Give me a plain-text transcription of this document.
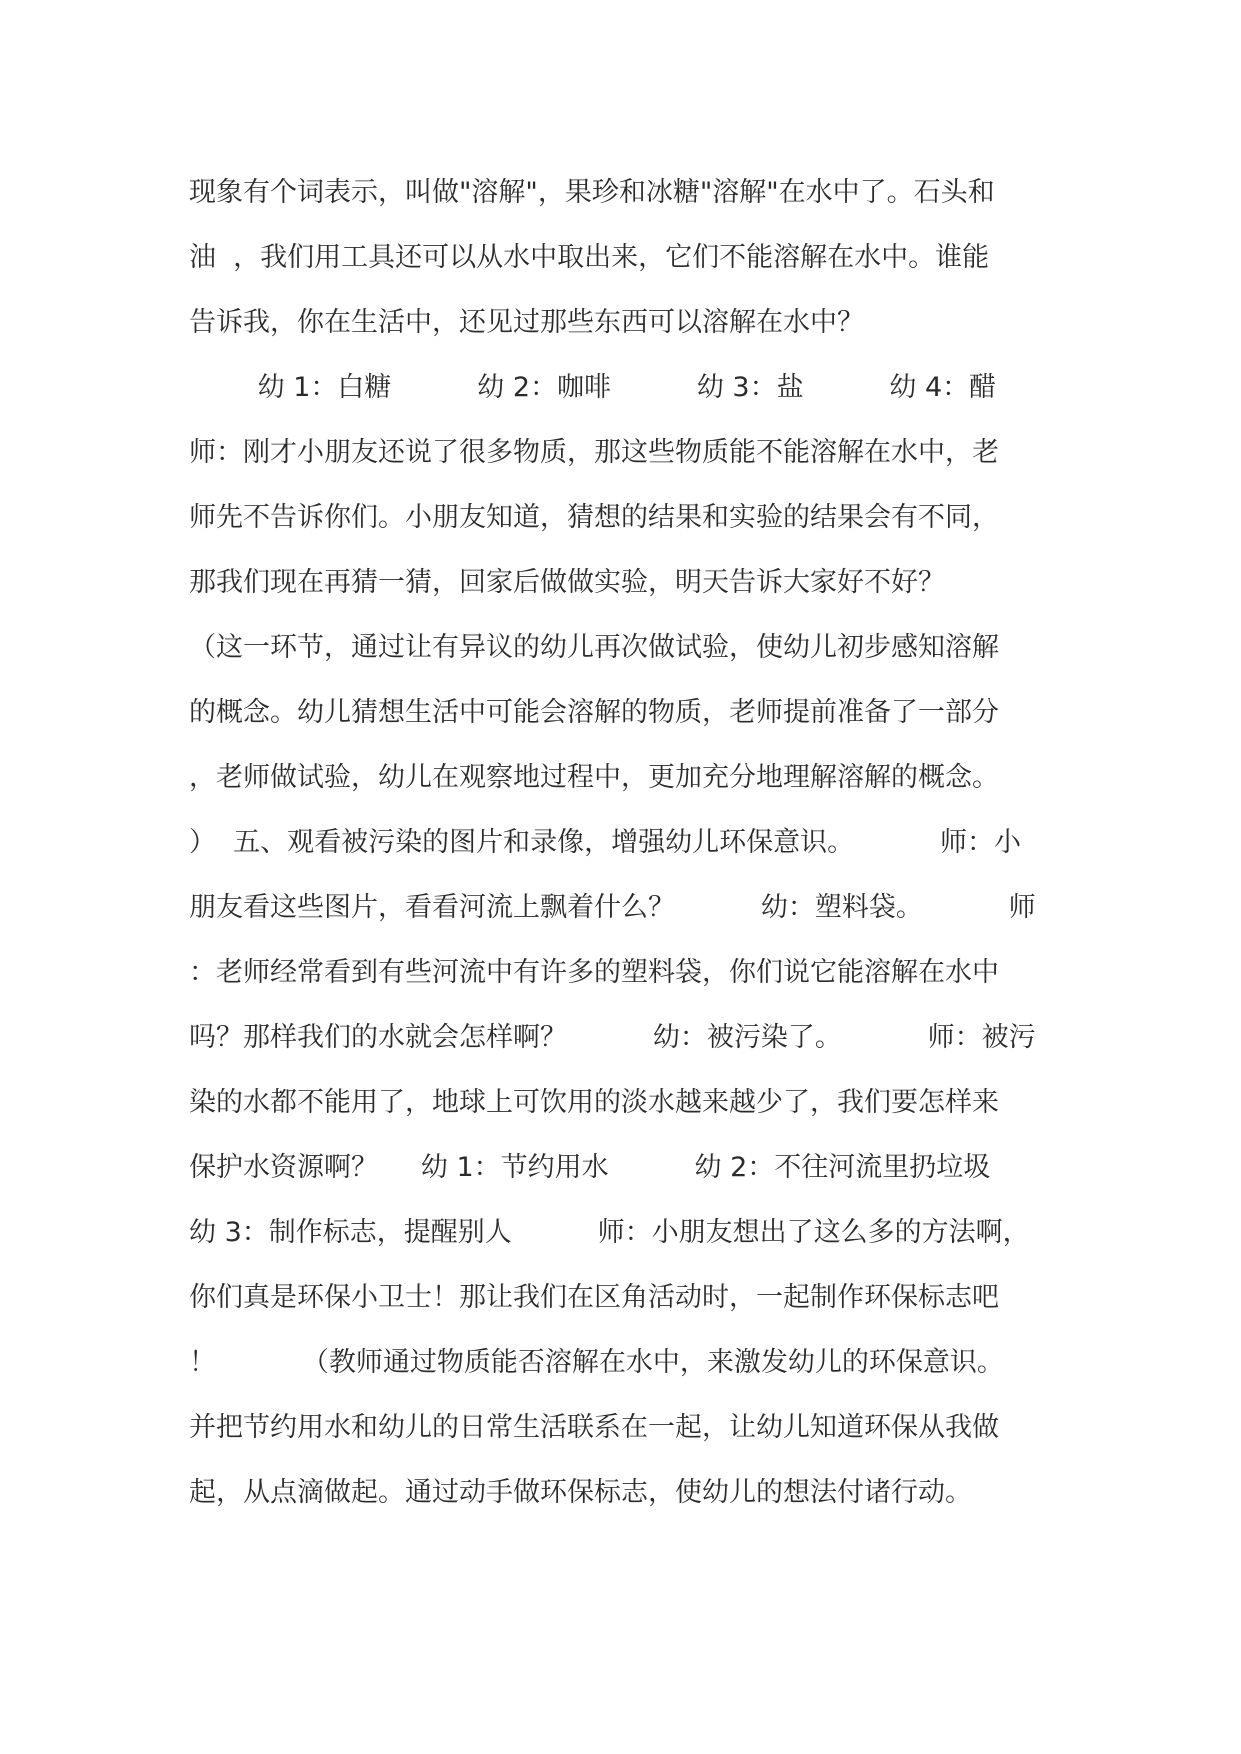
现象有个词表示，叫做"溶解"，果珍和冰糖"溶解"在水中了。石头和
油  ，我们用工具还可以从水中取出来，它们不能溶解在水中。谁能
告诉我，你在生活中，还见过那些东西可以溶解在水中？
幼 1：白糖          幼 2：咖啡          幼 3：盐          幼 4：醋
师：刚才小朋友还说了很多物质，那这些物质能不能溶解在水中，老
师先不告诉你们。小朋友知道，猜想的结果和实验的结果会有不同，
那我们现在再猜一猜，回家后做做实验，明天告诉大家好不好？
（这一环节，通过让有异议的幼儿再次做试验，使幼儿初步感知溶解
的概念。幼儿猜想生活中可能会溶解的物质，老师提前准备了一部分
，老师做试验，幼儿在观察地过程中，更加充分地理解溶解的概念。
）  五、观看被污染的图片和录像，增强幼儿环保意识。          师：小
朋友看这些图片，看看河流上飘着什么？          幼：塑料袋。          师
：老师经常看到有些河流中有许多的塑料袋，你们说它能溶解在水中
吗？那样我们的水就会怎样啊？          幼：被污染了。          师：被污
染的水都不能用了，地球上可饮用的淡水越来越少了，我们要怎样来
保护水资源啊？     幼 1：节约用水          幼 2：不往河流里扔垃圾
幼 3：制作标志，提醒别人          师：小朋友想出了这么多的方法啊，
你们真是环保小卫士！那让我们在区角活动时，一起制作环保标志吧
！          （教师通过物质能否溶解在水中，来激发幼儿的环保意识。
并把节约用水和幼儿的日常生活联系在一起，让幼儿知道环保从我做
起，从点滴做起。通过动手做环保标志，使幼儿的想法付诸行动。
